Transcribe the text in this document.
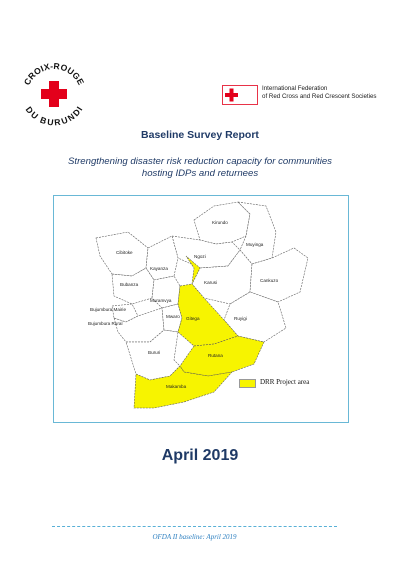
CROIX-ROUGE
DU BURUNDI
International Federation
of Red Cross and Red Crescent Societies
Baseline Survey Report
Strengthening disaster risk reduction capacity for communities
hosting IDPs and returnees
Kirundo
Ngozi
Muyinga
Cibitoke
Kayanza
Bubanza	Karusi	Cankuzo
Muramvya
Bujumbura Mairie
Bujumbura Rural
Mwaro Gitega	Ruyigi
Bururi
Rutana
Makamba
DRR Project area
April 2019
OFDA II baseline: April 2019
